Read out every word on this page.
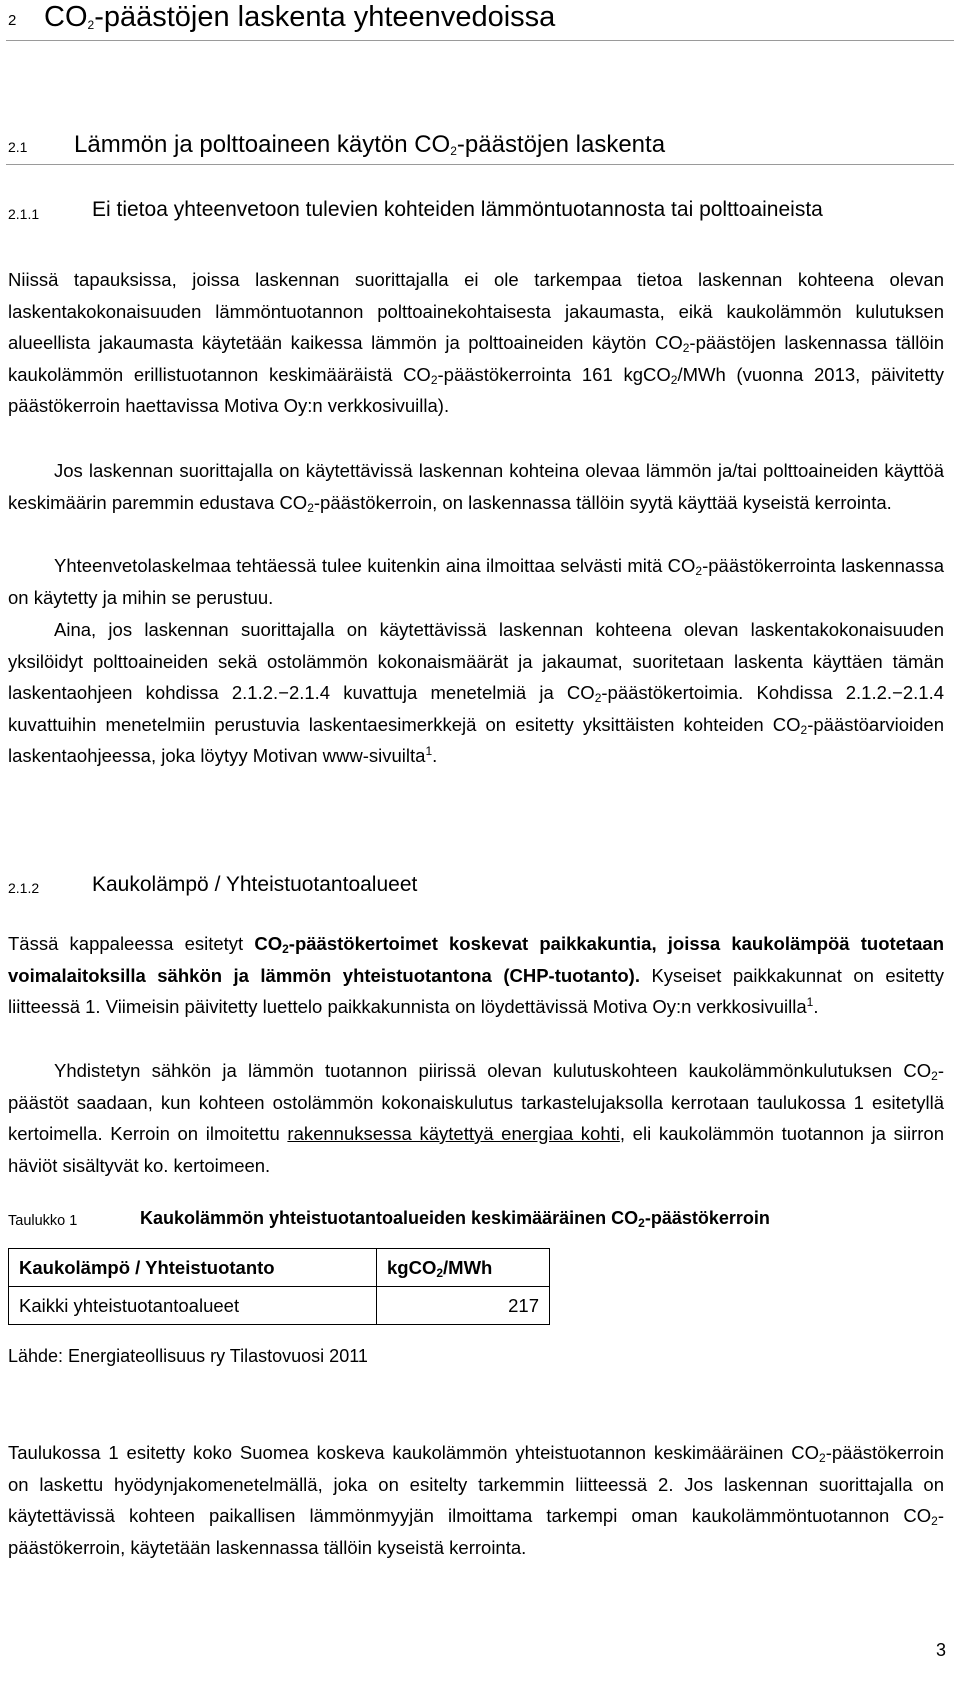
2 $CO_2$-päästöjen laskenta yhteenvedoissa
2.1 Lämmön ja polttoaineen käytön $CO_2$-päästöjen laskenta
2.1.1	Ei tietoa yhteenvetoon tulevien kohteiden lämmöntuotannosta tai polttoaineista

Niissä tapauksissa, joissa laskennan suorittajalla ei ole tarkempaa tietoa laskennan kohteena olevan laskentakokonaisuuden lämmöntuotannon polttoainekohtaisesta jakaumasta, eikä kaukolämmön kulutuksen alueellista jakaumasta käytetään kaikessa lämmön ja polttoaineiden käytön $CO_2$-päästöjen laskennassa tällöin kaukolämmön erillistuotannon keskimääräistä $CO_2$-päästökerrointa 161 kgCO$_2$/MWh (vuonna 2013, päivitetty päästökerroin haettavissa Motiva Oy:n verkkosivuilla).

Jos laskennan suorittajalla on käytettävissä laskennan kohteina olevaa lämmön ja/tai polttoaineiden käyttöä keskimäärin paremmin edustava $CO_2$-päästökerroin, on laskennassa tällöin syytä käyttää kyseistä kerrointa.

Yhteenvetolaskelmaa tehtäessä tulee kuitenkin aina ilmoittaa selvästi mitä $CO_2$-päästökerrointa laskennassa on käytetty ja mihin se perustuu.

Aina, jos laskennan suorittajalla on käytettävissä laskennan kohteena olevan laskentakokonaisuuden yksilöidyt polttoaineiden sekä ostolämmön kokonaismäärät ja jakaumat, suoritetaan laskenta käyttäen tämän laskentaohjeen kohdissa 2.1.2.−2.1.4 kuvattuja menetelmiä ja $CO_2$-päästökertoimia. Kohdissa 2.1.2.−2.1.4 kuvattuihin menetelmiin perustuvia laskentaesimerkkejä on esitetty yksittäisten kohteiden $CO_2$-päästöarvioiden laskentaohjeessa, joka löytyy Motivan www-sivuilta$^1$.

2.1.2	Kaukolämpö / Yhteistuotantoalueet

Tässä kappaleessa esitetyt $CO_2$-päästökertoimet koskevat paikkakuntia, joissa kaukolämpöä tuotetaan voimalaitoksilla sähkön ja lämmön yhteistuotantona (CHP-tuotanto). Kyseiset paikkakunnat on esitetty liitteessä 1. Viimeisin päivitetty luettelo paikkakunnista on löydettävissä Motiva Oy:n verkkosivuilla$^1$.

Yhdistetyn sähkön ja lämmön tuotannon piirissä olevan kulutuskohteen kaukolämmönkulutuksen $CO_2$-päästöt saadaan, kun kohteen ostolämmön kokonaiskulutus tarkastelujaksolla kerrotaan taulukossa 1 esitetyllä kertoimella. Kerroin on ilmoitettu rakennuksessa käytettyä energiaa kohti, eli kaukolämmön tuotannon ja siirron häviöt sisältyvät ko. kertoimeen.

Taulukko 1	Kaukolämmön yhteistuotantoalueiden keskimääräinen $CO_2$-päästökerroin
Kaukolämpö / Yhteistuotanto	kgCO$_2$/MWh
Kaikki yhteistuotantoalueet	217
Lähde: Energiateollisuus ry Tilastovuosi 2011

Taulukossa 1 esitetty koko Suomea koskeva kaukolämmön yhteistuotannon keskimääräinen $CO_2$-päästökerroin on laskettu hyödynjakomenetelmällä, joka on esitelty tarkemmin liitteessä 2. Jos laskennan suorittajalla on käytettävissä kohteen paikallisen lämmönmyyjän ilmoittama tarkempi oman kaukolämmöntuotannon $CO_2$-päästökerroin, käytetään laskennassa tällöin kyseistä kerrointa.

3
